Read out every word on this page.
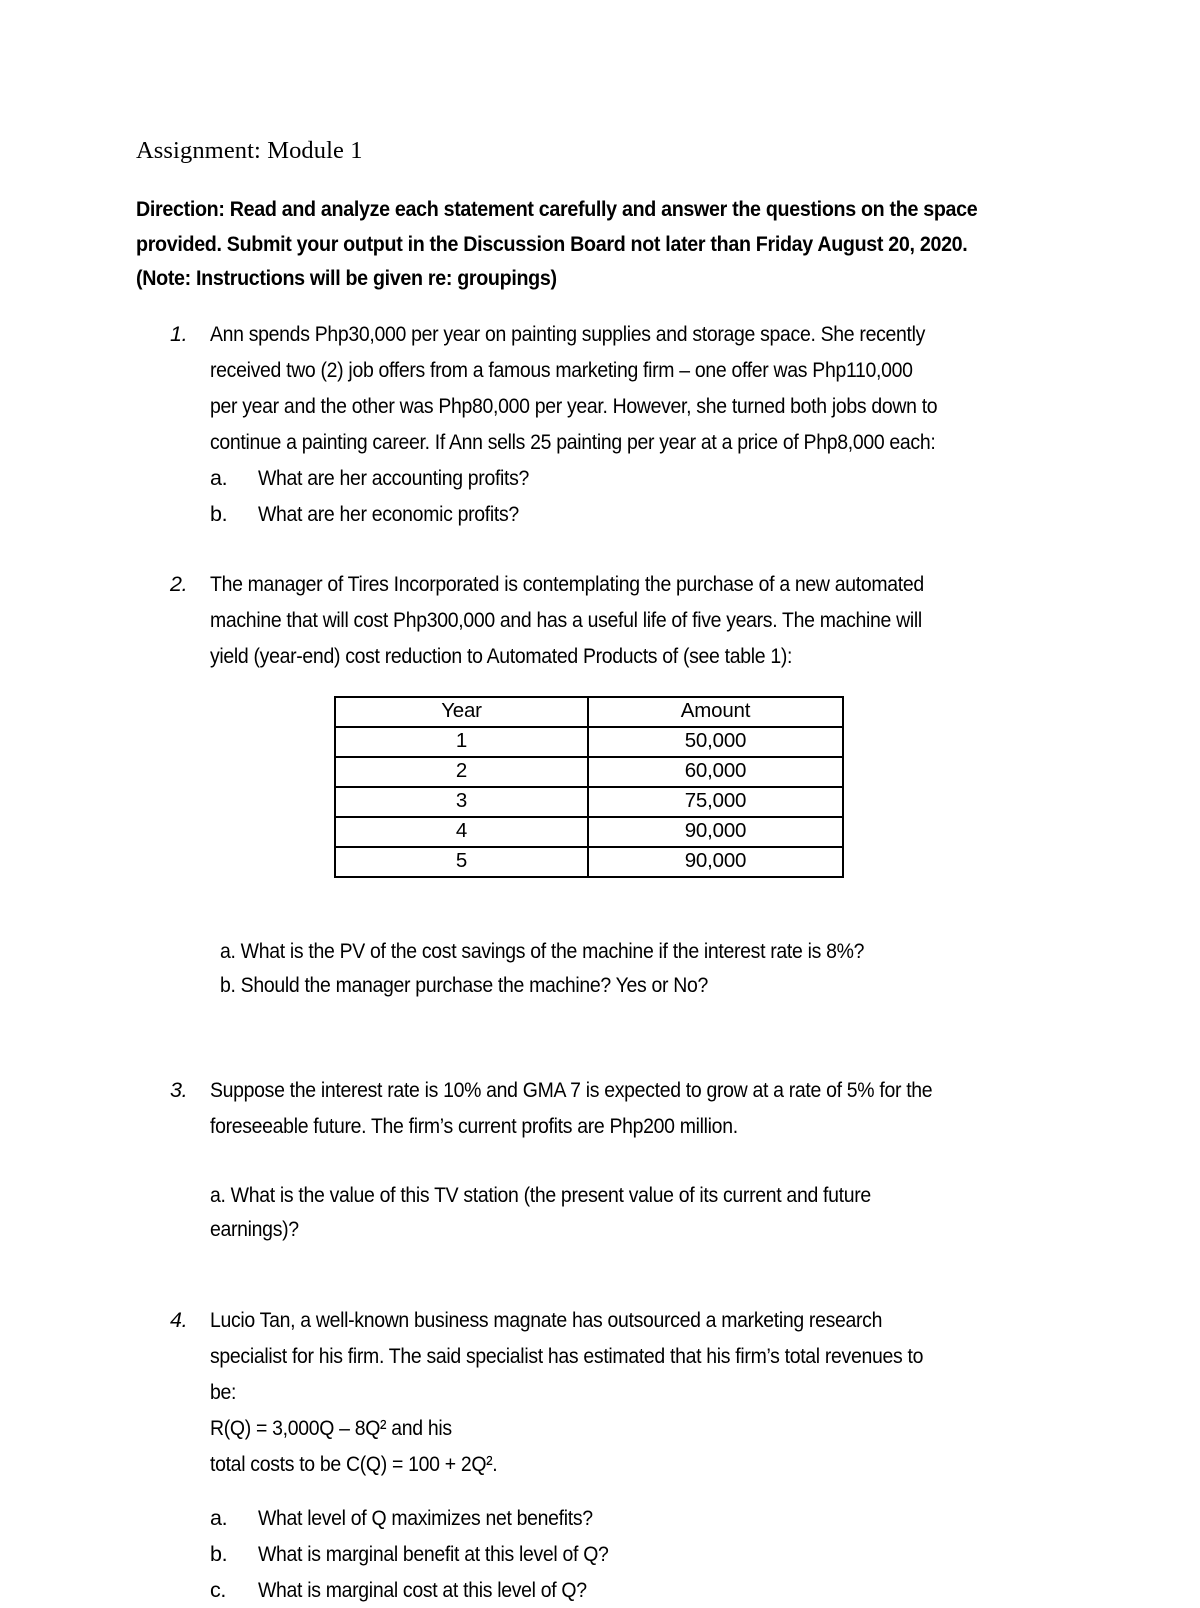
Assignment: Module 1
Direction: Read and analyze each statement carefully and answer the questions on the space
provided. Submit your output in the Discussion Board not later than Friday August 20, 2020.
(Note: Instructions will be given re: groupings)
1. Ann spends Php30,000 per year on painting supplies and storage space. She recently
received two (2) job offers from a famous marketing firm – one offer was Php110,000
per year and the other was Php80,000 per year. However, she turned both jobs down to
continue a painting career. If Ann sells 25 painting per year at a price of Php8,000 each:
a. What are her accounting profits?
b. What are her economic profits?
2. The manager of Tires Incorporated is contemplating the purchase of a new automated
machine that will cost Php300,000 and has a useful life of five years. The machine will
yield (year-end) cost reduction to Automated Products of (see table 1):
Year	Amount
1	50,000
2	60,000
3	75,000
4	90,000
5	90,000
a. What is the PV of the cost savings of the machine if the interest rate is 8%?
b. Should the manager purchase the machine? Yes or No?
3. Suppose the interest rate is 10% and GMA 7 is expected to grow at a rate of 5% for the
foreseeable future. The firm’s current profits are Php200 million.
a. What is the value of this TV station (the present value of its current and future
earnings)?
4. Lucio Tan, a well-known business magnate has outsourced a marketing research
specialist for his firm. The said specialist has estimated that his firm’s total revenues to
be:
R(Q) = 3,000Q – 8Q² and his
total costs to be C(Q) = 100 + 2Q².
a. What level of Q maximizes net benefits?
b. What is marginal benefit at this level of Q?
c. What is marginal cost at this level of Q?
